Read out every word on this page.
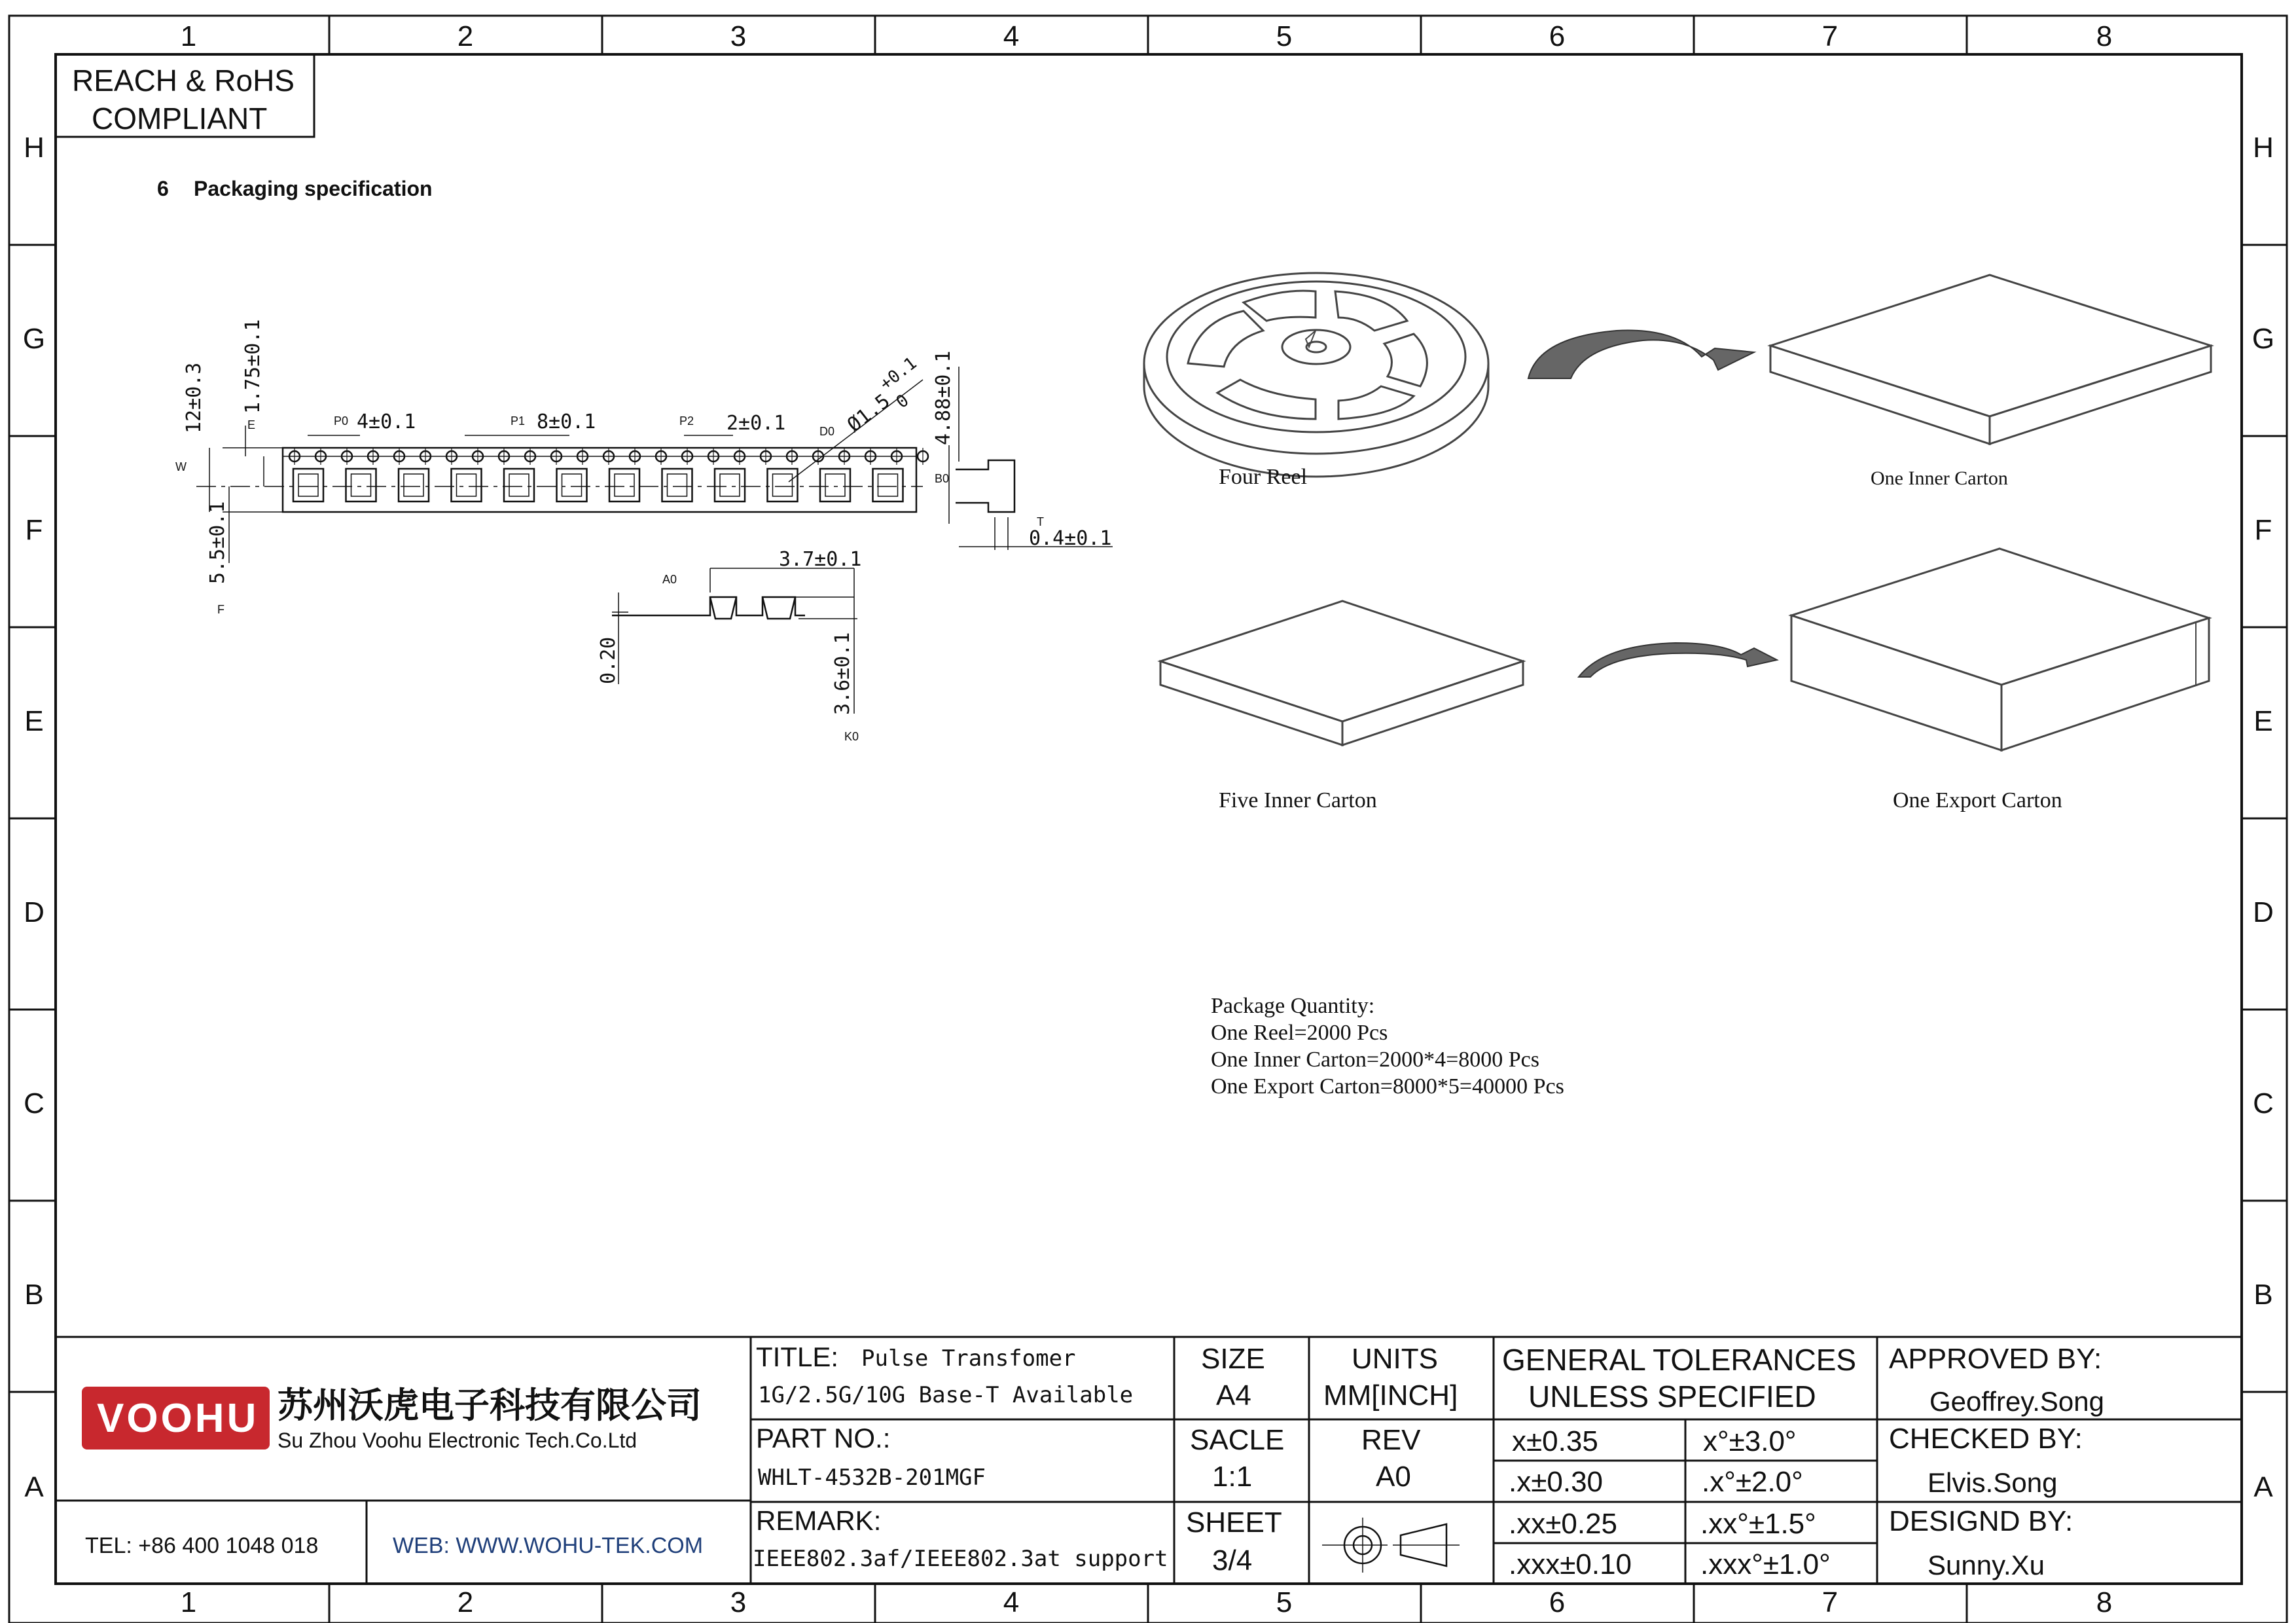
1	2	3	4	5	6	7	8
1	2	3	4	5	6	7	8
H
G
F
E
D
C
B
A
H
G
F
E
D
C
B
A
REACH & RoHS
COMPLIANT
6 Packaging specification
12±0.3 1.75±0.1
4±0.1	8±0.1	2±0.1	Ø1.5
+0.1
0 4.88±0.1
5.5±0.1	0.4±0.1
3.7±0.1
0.20	3.6±0.1
E
W
F
P0	P1	P2
D0
B0
T
A0
K0
Four Reel	One Inner Carton
Five Inner Carton	One Export Carton
Package Quantity:
One Reel=2000 Pcs
One Inner Carton=2000*4=8000 Pcs
One Export Carton=8000*5=40000 Pcs
VOOHU 苏州沃虎电子科技有限公司
Su Zhou Voohu Electronic Tech.Co.Ltd
TEL: +86 400 1048 018	WEB: WWW.WOHU-TEK.COM
TITLE: Pulse Transfomer
1G/2.5G/10G Base-T Available
PART NO.:
WHLT-4532B-201MGF
REMARK:
IEEE802.3af/IEEE802.3at support
SIZE
A4
UNITS
MM[INCH]
SACLE
1:1
REV
A0
SHEET
3/4
GENERAL TOLERANCES
UNLESS SPECIFIED
x±0.35	x°±3.0°
.x±0.30	.x°±2.0°
.xx±0.25	.xx°±1.5°
.xxx±0.10 .xxx°±1.0°
APPROVED BY:
Geoffrey.Song
CHECKED BY:
Elvis.Song
DESIGND BY:
Sunny.Xu
